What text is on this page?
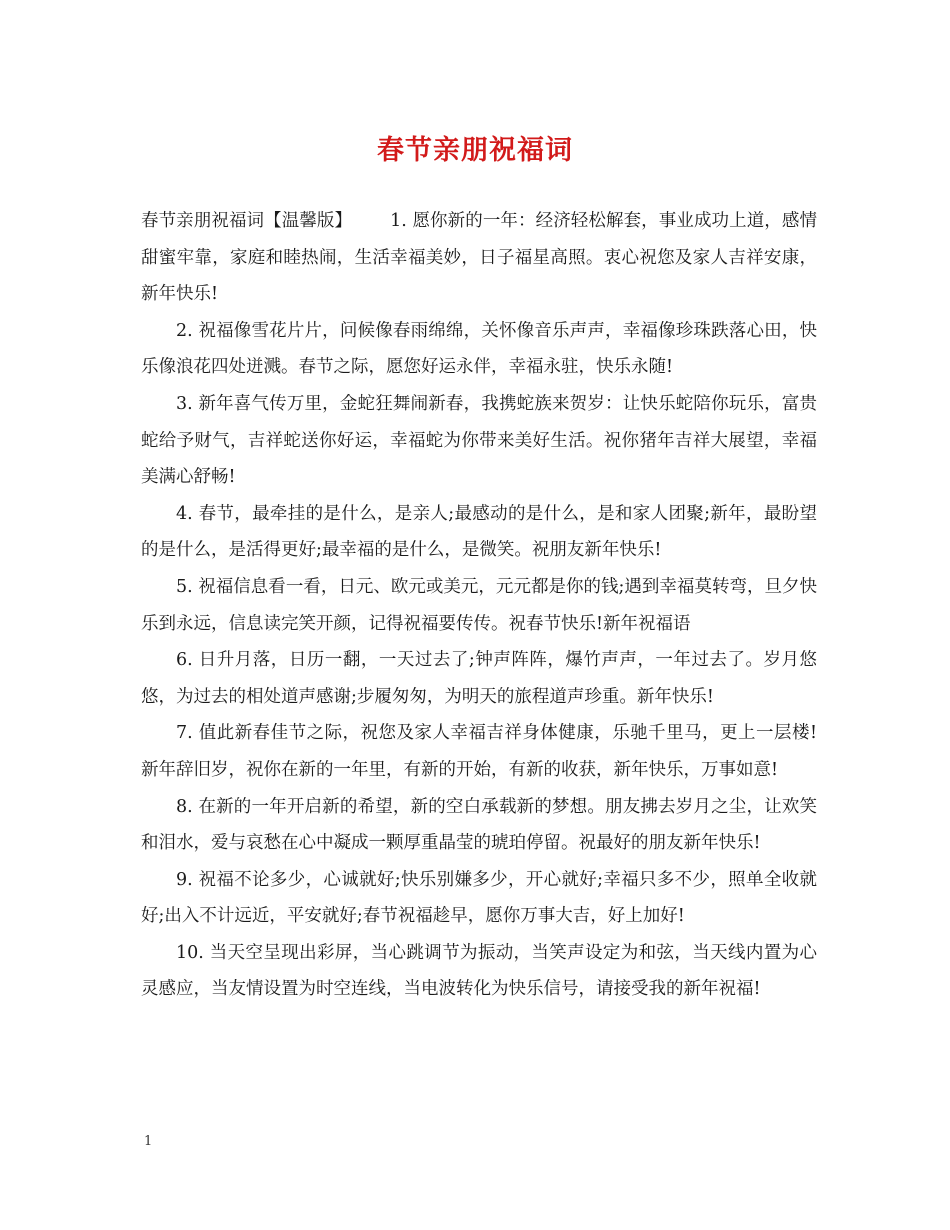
春节亲朋祝福词

春节亲朋祝福词【温馨版】 1. 愿你新的一年：经济轻松解套，事业成功上道，感情甜蜜牢靠，家庭和睦热闹，生活幸福美妙，日子福星高照。衷心祝您及家人吉祥安康，新年快乐!

2. 祝福像雪花片片，问候像春雨绵绵，关怀像音乐声声，幸福像珍珠跌落心田，快乐像浪花四处迸溅。春节之际，愿您好运永伴，幸福永驻，快乐永随!

3. 新年喜气传万里，金蛇狂舞闹新春，我携蛇族来贺岁：让快乐蛇陪你玩乐，富贵蛇给予财气，吉祥蛇送你好运，幸福蛇为你带来美好生活。祝你猪年吉祥大展望，幸福美满心舒畅!

4. 春节，最牵挂的是什么，是亲人;最感动的是什么，是和家人团聚;新年，最盼望的是什么，是活得更好;最幸福的是什么，是微笑。祝朋友新年快乐!

5. 祝福信息看一看，日元、欧元或美元，元元都是你的钱;遇到幸福莫转弯，旦夕快乐到永远，信息读完笑开颜，记得祝福要传传。祝春节快乐!新年祝福语

6. 日升月落，日历一翻，一天过去了;钟声阵阵，爆竹声声，一年过去了。岁月悠悠，为过去的相处道声感谢;步履匆匆，为明天的旅程道声珍重。新年快乐!

7. 值此新春佳节之际，祝您及家人幸福吉祥身体健康，乐驰千里马，更上一层楼!新年辞旧岁，祝你在新的一年里，有新的开始，有新的收获，新年快乐，万事如意!

8. 在新的一年开启新的希望，新的空白承载新的梦想。朋友拂去岁月之尘，让欢笑和泪水，爱与哀愁在心中凝成一颗厚重晶莹的琥珀停留。祝最好的朋友新年快乐!

9. 祝福不论多少，心诚就好;快乐别嫌多少，开心就好;幸福只多不少，照单全收就好;出入不计远近，平安就好;春节祝福趁早，愿你万事大吉，好上加好!

10. 当天空呈现出彩屏，当心跳调节为振动，当笑声设定为和弦，当天线内置为心灵感应，当友情设置为时空连线，当电波转化为快乐信号，请接受我的新年祝福!

1
